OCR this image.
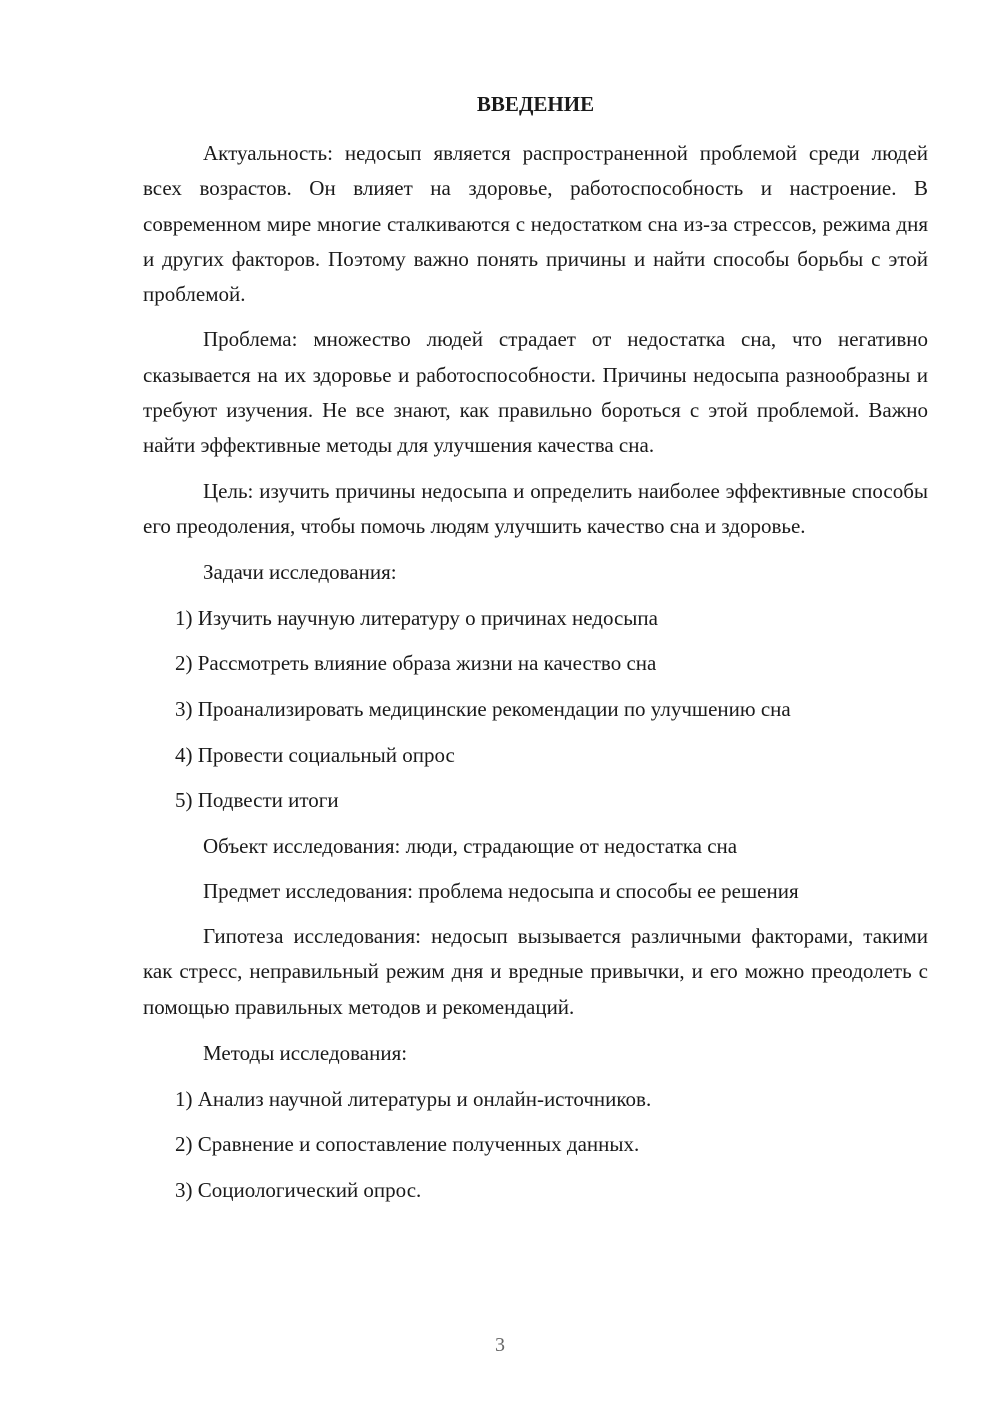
ВВЕДЕНИЕ

Актуальность: недосып является распространенной проблемой среди людей всех возрастов. Он влияет на здоровье, работоспособность и настроение. В современном мире многие сталкиваются с недостатком сна из-за стрессов, режима дня и других факторов. Поэтому важно понять причины и найти способы борьбы с этой проблемой.

Проблема: множество людей страдает от недостатка сна, что негативно сказывается на их здоровье и работоспособности. Причины недосыпа разнообразны и требуют изучения. Не все знают, как правильно бороться с этой проблемой. Важно найти эффективные методы для улучшения качества сна.

Цель: изучить причины недосыпа и определить наиболее эффективные способы его преодоления, чтобы помочь людям улучшить качество сна и здоровье.

Задачи исследования:
1) Изучить научную литературу о причинах недосыпа
2) Рассмотреть влияние образа жизни на качество сна
3) Проанализировать медицинские рекомендации по улучшению сна
4) Провести социальный опрос
5) Подвести итоги
Объект исследования: люди, страдающие от недостатка сна
Предмет исследования: проблема недосыпа и способы ее решения

Гипотеза исследования: недосып вызывается различными факторами, такими как стресс, неправильный режим дня и вредные привычки, и его можно преодолеть с помощью правильных методов и рекомендаций.

Методы исследования:
1) Анализ научной литературы и онлайн-источников.
2) Сравнение и сопоставление полученных данных.
3) Социологический опрос.
3
